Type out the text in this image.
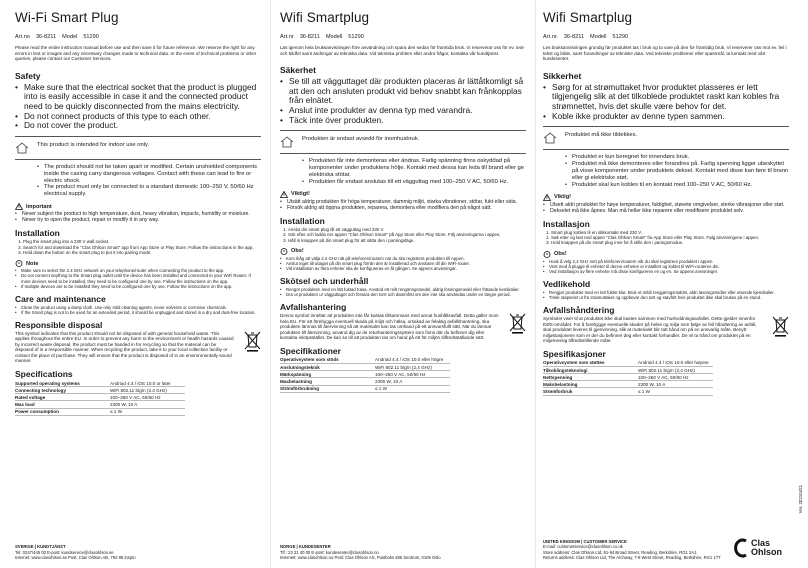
Wi-Fi Smart Plug
Art.no 36-8211 Model 51290
Please read the entire instruction manual before use and then save it for future reference. We reserve the right for any errors in text or images and any necessary changes made to technical data. In the event of technical problems or other queries, please contact our Customer Services.
Safety
• Make sure that the electrical socket that the product is plugged into is easily accessible in case it and the connected product need to be quickly disconnected from the mains electricity.
• Do not connect products of this type to each other.
• Do not cover the product.
This product is intended for indoor use only.
• The product should not be taken apart or modified. Certain unshielded components inside the casing carry dangerous voltages. Contact with these can lead to fire or electric shock.
• The product must only be connected to a standard domestic 100–250 V, 50/60 Hz electrical supply.
Important
• Never subject the product to high temperature, dust, heavy vibration, impacts, humidity or moisture.
• Never try to open the product, repair or modify it in any way.
Installation
1. Plug the smart plug into a 230 V wall socket.
2. Search for and download the "Clas Ohlson Smart" app from App Store or Play Store. Follow the instructions in the app.
3. Hold down the button on the smart plug to put it into pairing mode.
Note
• Make sure to select the 2.4 GHz network on your telephone/router when connecting the product to the app.
• Do not connect anything to the Smart plug outlet until the device has been installed and connected to your WiFi Router. If more devices need to be installed, they need to be configured one by one. Follow the instructions on the app.
• If multiple devices are to be installed they need to be configured one by one. Follow the instructions on the app.
Care and maintenance
• Clean the product using a damp cloth. Use only mild cleaning agents, never solvents or corrosive chemicals.
• If the Smart plug is not to be used for an extended period, it should be unplugged and stored in a dry and dust-free location.
Responsible disposal
This symbol indicates that this product should not be disposed of with general household waste. This applies throughout the entire EU. In order to prevent any harm to the environment or health hazards caused by incorrect waste disposal, the product must be handed in for recycling so that the material can be disposed of in a responsible manner. When recycling the product, take it to your local collection facility or contact the place of purchase. They will ensure that the product is disposed of in an environmentally sound manner.
Specifications
Supported operating systems	Android 4.4 / iOS 10.0 or later
Connecting technology	WiFi 802.11 b/g/n (2.4 GHz)
Rated voltage	100–250 V AC, 50/60 Hz
Max load	2300 W, 10 A
Power consumption	≤ 1 W
Wifi Smartplug
Art.nr 36-8211 Modell 51290
Läs igenom hela bruksanvisningen före användning och spara den sedan för framtida bruk. Vi reserverar oss för ev. text- och bildfel samt ändringar av tekniska data. Vid tekniska problem eller andra frågor, kontakta vår kundtjänst.
Säkerhet
• Se till att vägguttaget där produkten placeras är lättåtkomligt så att den och ansluten produkt vid behov snabbt kan frånkopplas från elnätet.
• Anslut inte produkter av denna typ med varandra.
• Täck inte över produkten.
Produkten är endast avsedd för inomhusbruk.
• Produkten får inte demonteras eller ändras. Farlig spänning finns oskyddad på komponenter under produktens hölje. Kontakt med dessa kan leda till brand eller ge elektriska stötar.
• Produkten får endast anslutas till ett vägguttag med 100–250 V AC, 50/60 Hz.
Viktigt!
• Utsätt aldrig produkten för höga temperaturer, dammig miljö, starka vibrationer, stötar, fukt eller väta.
• Försök aldrig att öppna produkten, reparera, demontera eller modifiera den på något sätt.
Installation
1. Anslut din smart plug till ett vägguttag med 230 V.
2. Sök efter och ladda ner appen "Clas Ohlson Smart" på App Store eller Play Store. Följ anvisningarna i appen.
3. Håll in knappen på din smart plug för att sätta den i parningsläge.
Obs!
• Kom ihåg att välja 2,4 GHz nät på telefonen/routern när du ska registrera produkten till Appen.
• Anslut inget till uttaget på din smart plug förrän den är installerad och ansluten till din WiFi-router.
• Vid installation av flera enheter ska de konfigureras en åt gången. Se appens anvisningar.
Skötsel och underhåll
• Rengör produkten med en lätt fuktad trasa. Använd ett milt rengöringsmedel, aldrig lösningsmedel eller frätande kemikalier.
• Dra ut produkten ur vägguttaget och förvara den torrt och dammfritt om den inte ska användas under en längre period.
Avfallshantering
Denna symbol innebär att produkten inte får kastas tillsammans med annat hushållsavfall. Detta gäller inom hela EU. För att förebygga eventuell skada på miljö och hälsa, orsakad av felaktig avfallshantering, ska produkten lämnas till återvinning så att materialet kan tas omhand på ett ansvarsfullt sätt. När du lämnar produkten till återvinning, använd dig av de returhanteringssystem som finns där du befinner dig eller kontakta inköpsstället. De kan se till att produkten tas om hand på ett för miljön tillfredsställande sätt.
Specifikationer
Operativsystem som stöds	Android 4.4 / iOS 10.0 eller högre
Anslutningsteknik	WiFi 802.11 b/g/n (2,4 GHz)
Märkspänning	100–250 V AC, 50/60 Hz
Maxbelastning	2300 W, 10 A
Strömförbrukning	≤ 1 W
Wifi Smartplug
Art.nr. 36-8211 Modell 51290
Les bruksanvisningen grundig før produktet tas i bruk og ta vare på den for framtidig bruk. Vi reserverer oss mot ev. feil i tekst og bilde, samt forandringer av tekniske data. Ved tekniske problemer eller spørsmål, ta kontakt med vårt kundesenter.
Sikkerhet
• Sørg for at strømuttaket hvor produktet plasseres er lett tilgjengelig slik at det tilkoblede produktet raskt kan kobles fra strømnettet, hvis det skulle være behov for det.
• Koble ikke produkter av denne typen sammen.
Produktet må ikke tildekkes.
• Produktet er kun beregnet for innendørs bruk.
• Produktet må ikke demonteres eller forandres på. Farlig spenning ligger ubeskyttet på visse komponenter under produktets deksel. Kontakt med disse kan føre til brann eller gi elektriske støt.
• Produktet skal kun kobles til en kontakt med 100–250 V AC, 50/60 Hz.
Viktig!
• Utsett aldri produktet for høye temperaturer, fuktighet, støvete omgivelser, sterke vibrasjoner eller støt.
• Dekselet må ikke åpnes. Man må heller ikke reparere eller modifisere produktet selv.
Installasjon
1. Smart plug kobles til en stikkontakt med 230 V.
2. Søk etter og last ned appen "Clas Ohlson Smart" fra App Store eller Play Store. Følg anvisningene i appen.
3. Hold knappen på din smart plug inne for å stille den i paringsmodus.
Obs!
• Husk å velg 2,4 GHz nett på telefonen/routern når du skal registrere produktet i appen.
• Vent med å plugge til enheter til denne enheten er installert og koblet til WiFi-routeren din.
• Ved installasjon av flere enheter må disse konfigureres en og en. Se appens anvisninger.
Vedlikehold
• Rengjør produktet med en lett fuktet klut. Bruk et mildt rengjøringsmiddel, aldri løsningsmidler eller etsende kjemikalier.
• Trekk støpselet ut fra strømuttaket og oppbevar den tørt og støvfritt hvis produktet ikke skal brukes på en stund.
Avfallshåndtering
Symbolet viser til at produktet ikke skal kastes sammen med husholdningsavfallet. Dette gjelder innenfor EØS-området. For å forebygge eventuelle skader på helse og miljø som følge av feil håndtering av avfall, skal produktet leveres til gjenvinning, slik at materialet blir tatt hånd om på en ansvarlig måte. Benytt miljøstasjonene som er der du befinner deg eller kontakt forhandler. De vil ta hånd om produktet på en miljømessig tilfredsstillende måte.
Spesifikasjoner
Operativsystem som støttes	Android 4.4 / iOS 10.0 eller høyere
Tilkoblingsteknologi	WiFi 802.11 b/g/n (2,4 GHz)
Nettspenning	100–250 V AC, 50/60 Hz
Maksbelastning	2300 W, 10 A
Strømforbruk	≤ 1 W
SVERIGE | KUNDTJÄNST
Tel: 0247/445 00 E-post: kundservice@clasohlson.se
Internet: www.clasohlson.se Post: Clas Ohlson AB, 793 85 Insjön
NORGE | KUNDESENTER
Tlf.: 23 21 40 00 E-post: kundesenter@clasohlson.no
Internett: www.clasohlson.no Post: Clas Ohlson AS, Postboks 485 Sentrum, 0105 Oslo
UNITED KINGDOM | CUSTOMER SERVICE
E-mail: customerservice@clasohlson.co.uk
Store address: Clas Ohlson Ltd, 91-94 Broad Street, Reading, Berkshire, RG1 2AJ.
Returns address: Clas Ohlson Ltd, The Archway, 7-9 West Street, Reading, Berkshire, RG1 1TT
Clas
Ohlson
Ver. 20210421
